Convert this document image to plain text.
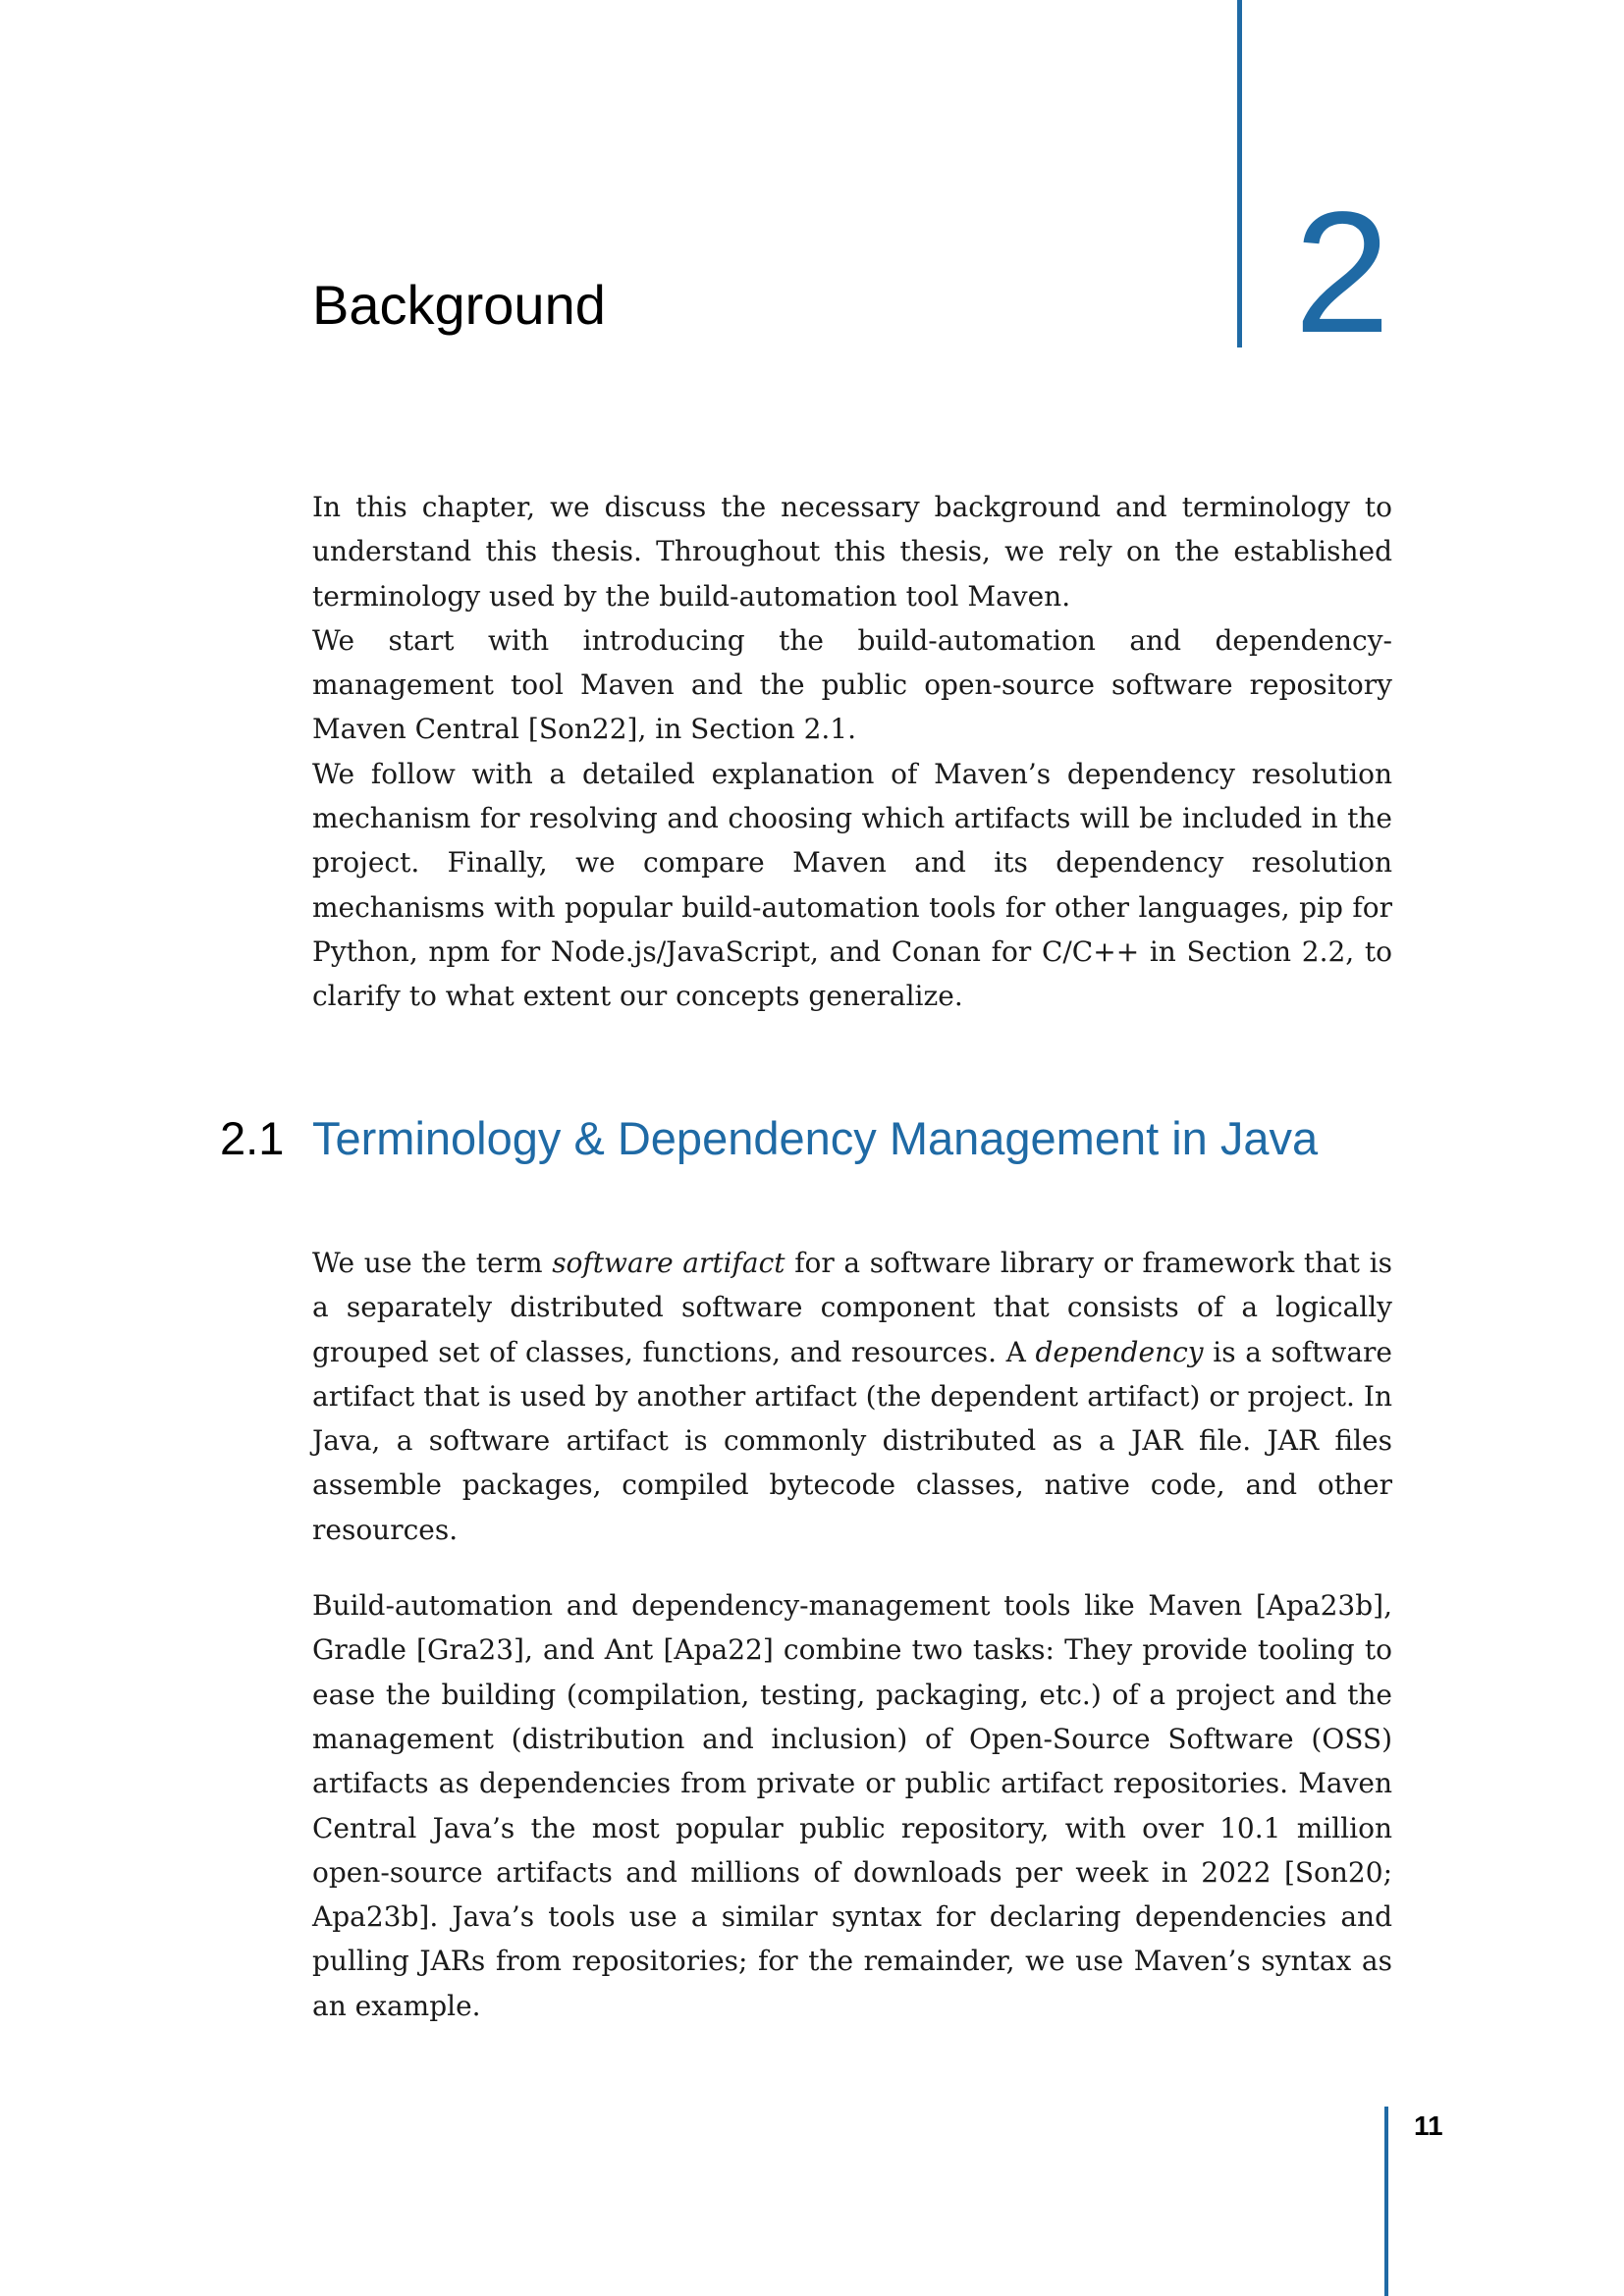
2
Background

In this chapter, we discuss the necessary background and terminology to understand this thesis. Throughout this thesis, we rely on the established terminology used by the build-automation tool Maven.

We start with introducing the build-automation and dependency-management tool Maven and the public open-source software repository Maven Central [Son22], in Section 2.1.

We follow with a detailed explanation of Maven’s dependency resolution mechanism for resolving and choosing which artifacts will be included in the project. Finally, we compare Maven and its dependency resolution mechanisms with popular build-automation tools for other languages, pip for Python, npm for Node.js/JavaScript, and Conan for C/C++ in Section 2.2, to clarify to what extent our concepts generalize.

2.1 Terminology & Dependency Management in Java

We use the term software artifact for a software library or framework that is a separately distributed software component that consists of a logically grouped set of classes, functions, and resources. A dependency is a software artifact that is used by another artifact (the dependent artifact) or project. In Java, a software artifact is commonly distributed as a JAR file. JAR files assemble packages, compiled bytecode classes, native code, and other resources.

Build-automation and dependency-management tools like Maven [Apa23b], Gradle [Gra23], and Ant [Apa22] combine two tasks: They provide tooling to ease the building (compilation, testing, packaging, etc.) of a project and the management (distribution and inclusion) of Open-Source Software (OSS) artifacts as dependencies from private or public artifact repositories. Maven Central Java’s the most popular public repository, with over 10.1 million open-source artifacts and millions of downloads per week in 2022 [Son20; Apa23b]. Java’s tools use a similar syntax for declaring dependencies and pulling JARs from repositories; for the remainder, we use Maven’s syntax as an example.

11
